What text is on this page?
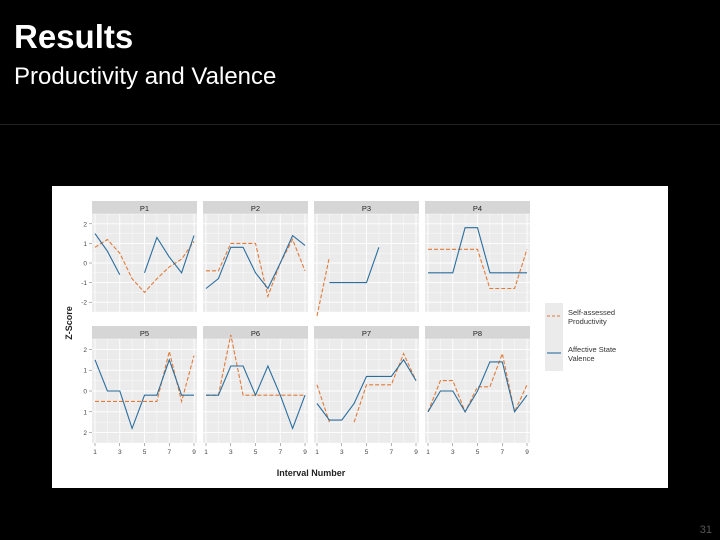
Results
Productivity and Valence
P1
2
1
0
-1
-2
P2	P3	P4
P5
2
1
0
1
2
1	3	5	7	9
P6
1	3	5	7	9
P7
1	3	5	7	9
P8
1	3	5	7	9
Interval Number
Z-Score	Self-assessed
Productivity
Affective State
Valence
31
